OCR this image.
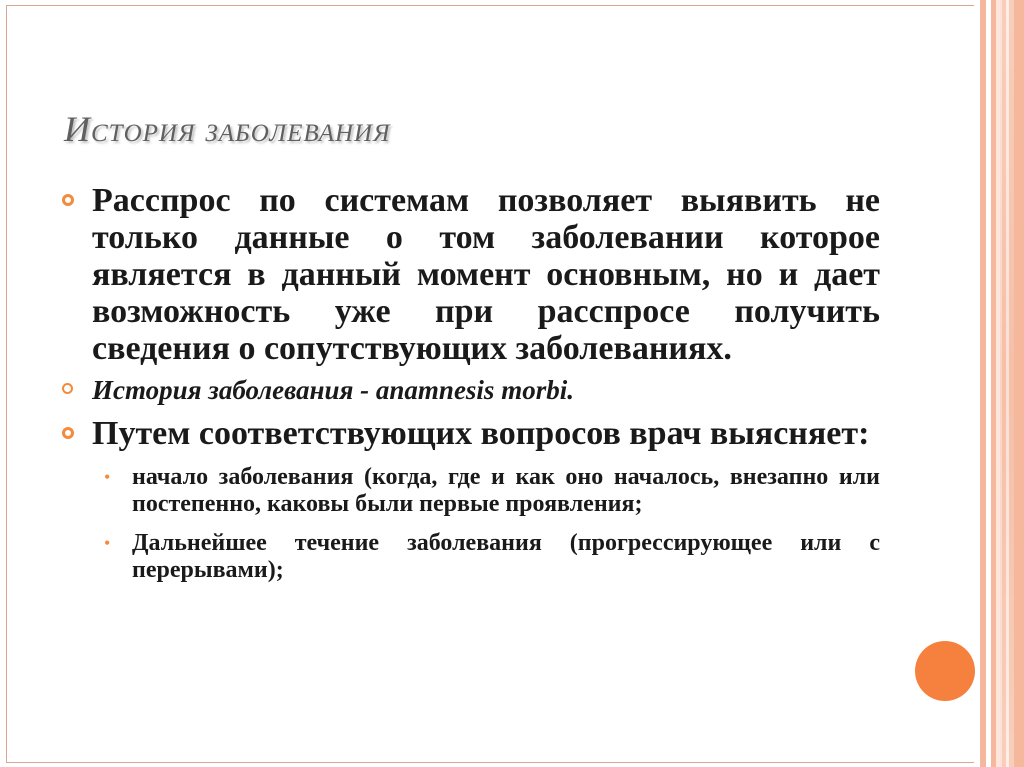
История заболевания

Расспрос по системам позволяет выявить не только данные о том заболевании которое является в данный момент основным, но и дает возможность уже при расспросе получить сведения о сопутствующих заболеваниях.

История заболевания - anamnesis morbi.

Путем соответствующих вопросов врач выясняет:

• начало заболевания (когда, где и как оно началось, внезапно или постепенно, каковы были первые проявления;

• Дальнейшее течение заболевания (прогрессирующее или с перерывами);
